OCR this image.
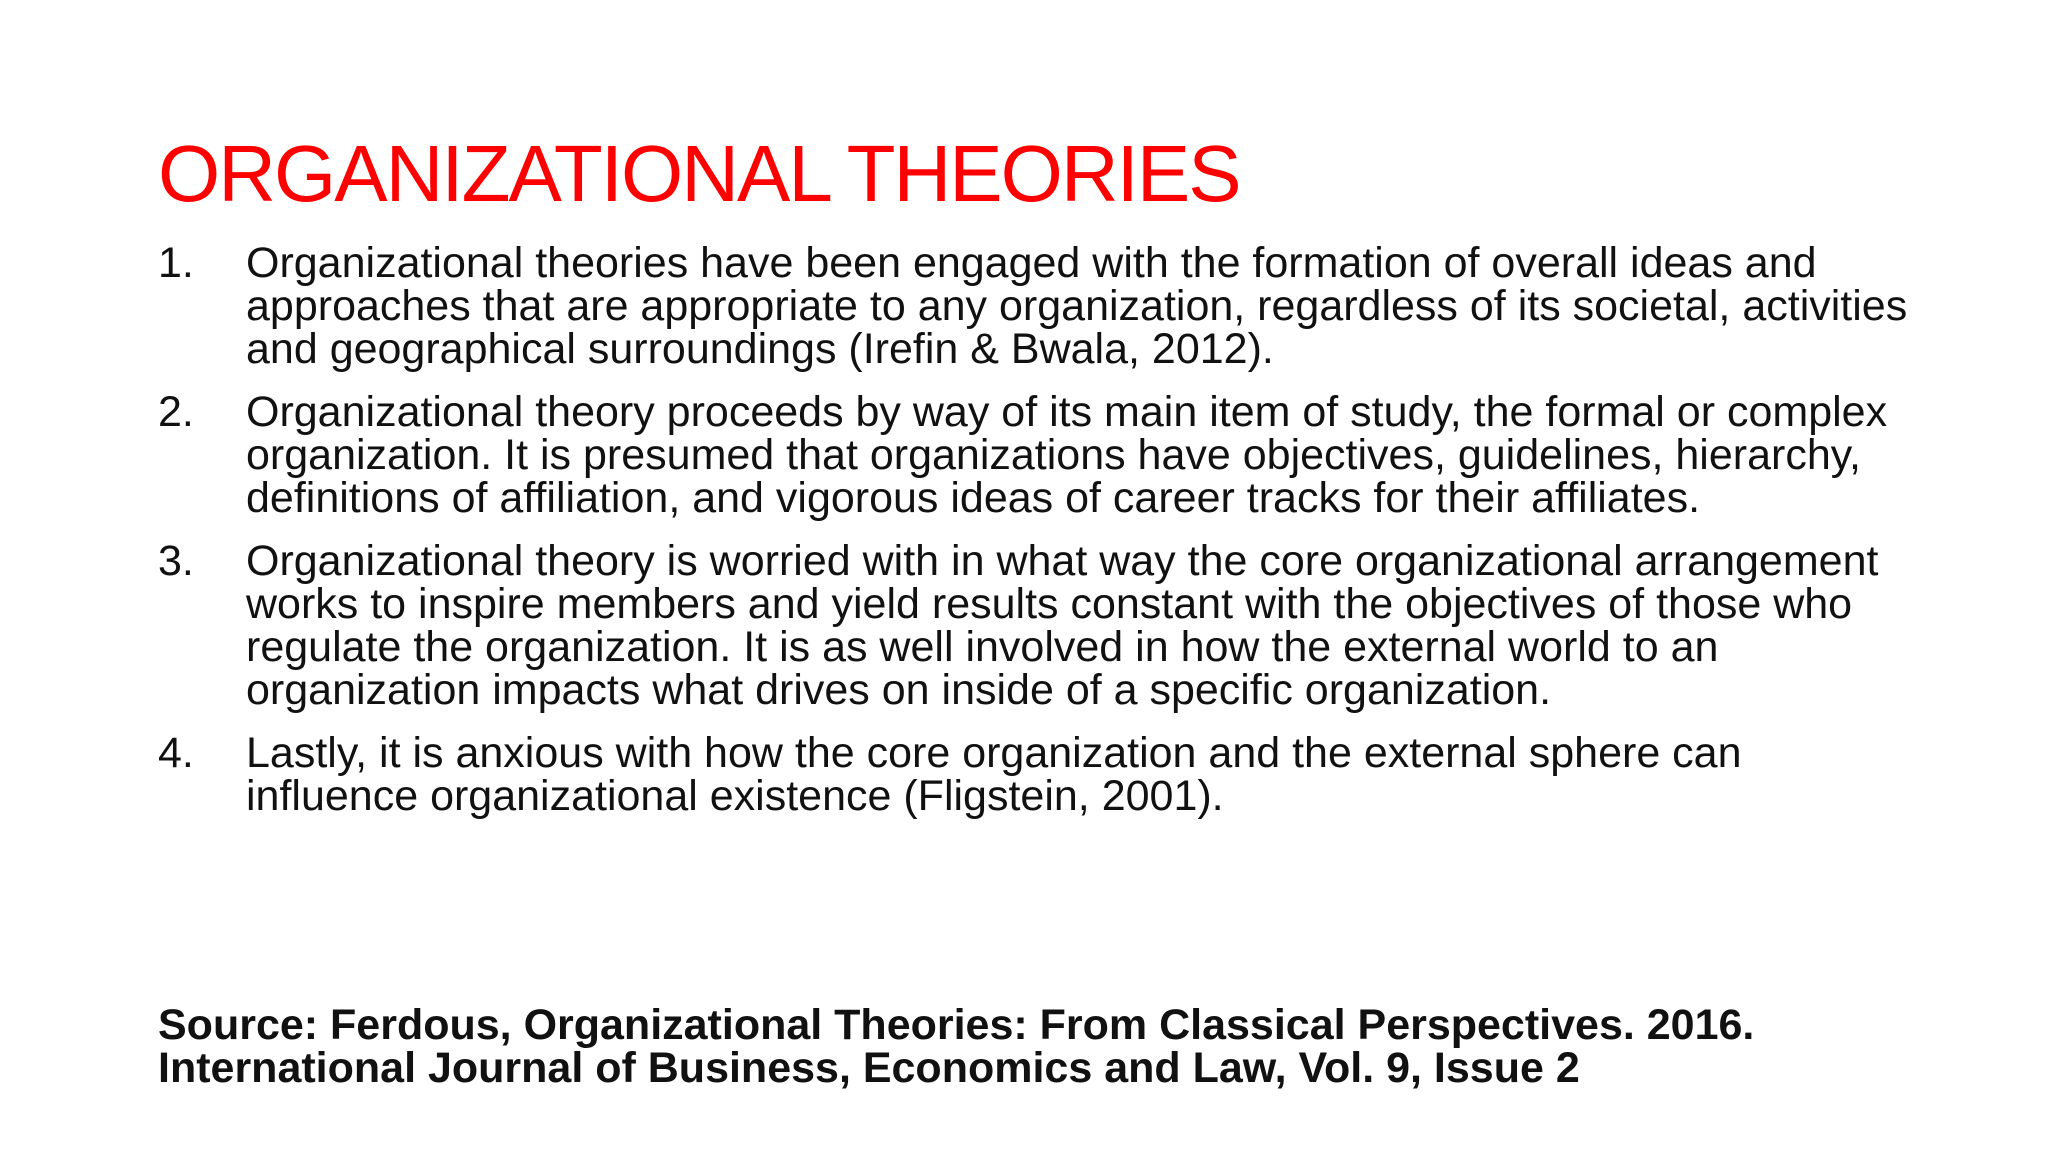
ORGANIZATIONAL THEORIES
1. Organizational theories have been engaged with the formation of overall ideas and approaches that are appropriate to any organization, regardless of its societal, activities and geographical surroundings (Irefin & Bwala, 2012).
2. Organizational theory proceeds by way of its main item of study, the formal or complex organization. It is presumed that organizations have objectives, guidelines, hierarchy, definitions of affiliation, and vigorous ideas of career tracks for their affiliates.
3. Organizational theory is worried with in what way the core organizational arrangement works to inspire members and yield results constant with the objectives of those who regulate the organization. It is as well involved in how the external world to an organization impacts what drives on inside of a specific organization.
4. Lastly, it is anxious with how the core organization and the external sphere can influence organizational existence (Fligstein, 2001).
Source: Ferdous, Organizational Theories: From Classical Perspectives. 2016.
International Journal of Business, Economics and Law, Vol. 9, Issue 2
